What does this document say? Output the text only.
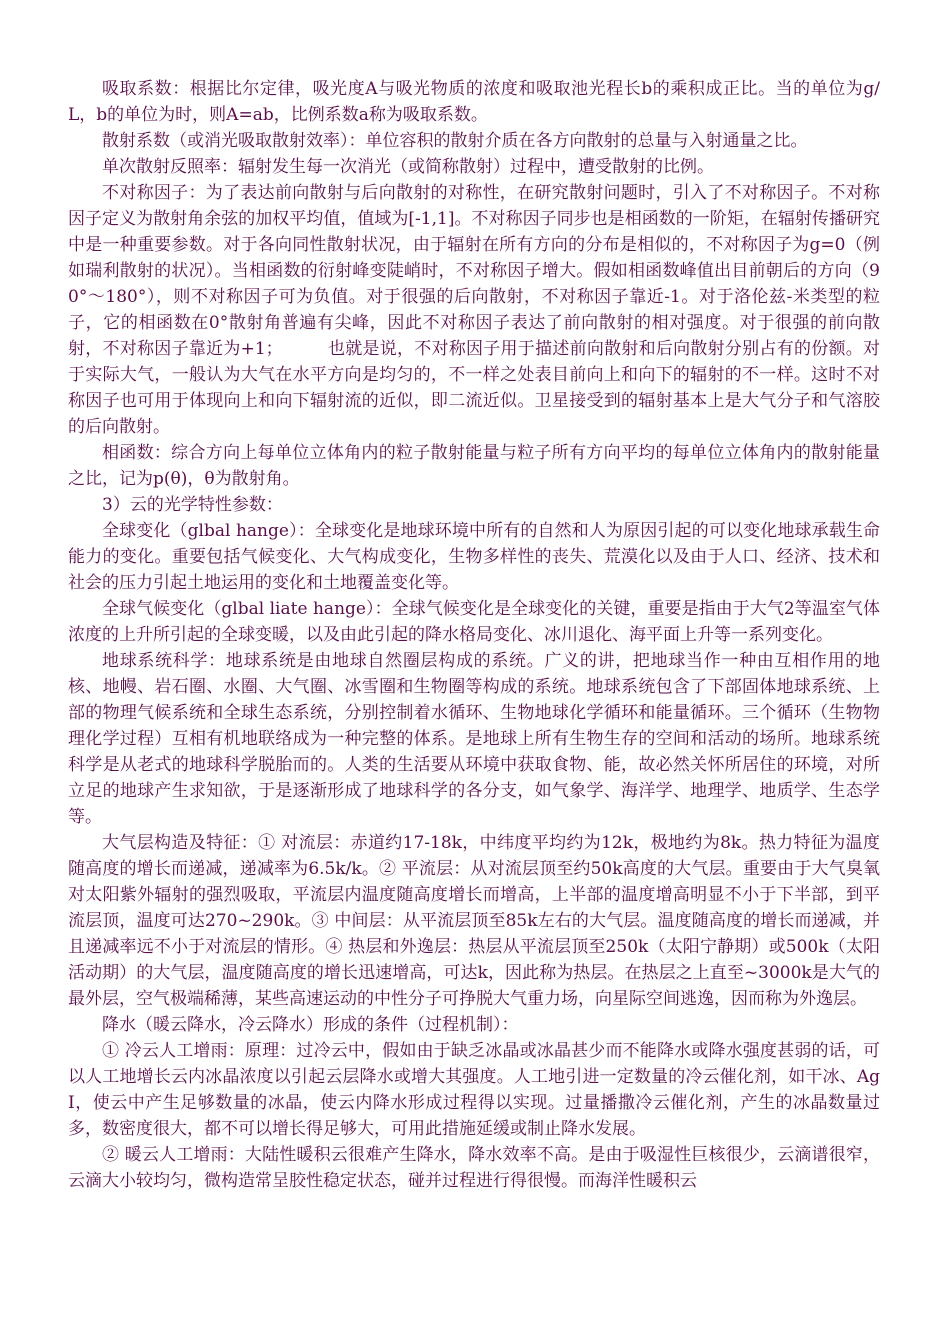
吸取系数：根据比尔定律，吸光度A与吸光物质的浓度和吸取池光程长b的乘积成正比。当的单位为g/L，b的单位为时，则A=ab，比例系数a称为吸取系数。

散射系数（或消光吸取散射效率）：单位容积的散射介质在各方向散射的总量与入射通量之比。

单次散射反照率：辐射发生每一次消光（或简称散射）过程中，遭受散射的比例。

不对称因子：为了表达前向散射与后向散射的对称性，在研究散射问题时，引入了不对称因子。不对称因子定义为散射角余弦的加权平均值，值域为[-1,1]。不对称因子同步也是相函数的一阶矩，在辐射传播研究中是一种重要参数。对于各向同性散射状况，由于辐射在所有方向的分布是相似的，不对称因子为g=0（例如瑞利散射的状况）。当相函数的衍射峰变陡峭时，不对称因子增大。假如相函数峰值出目前朝后的方向（90°～180°），则不对称因子可为负值。对于很强的后向散射，不对称因子靠近-1。对于洛伦兹-米类型的粒子，它的相函数在0°散射角普遍有尖峰，因此不对称因子表达了前向散射的相对强度。对于很强的前向散射，不对称因子靠近为+1；        也就是说，不对称因子用于描述前向散射和后向散射分别占有的份额。对于实际大气，一般认为大气在水平方向是均匀的，不一样之处表目前向上和向下的辐射的不一样。这时不对称因子也可用于体现向上和向下辐射流的近似，即二流近似。卫星接受到的辐射基本上是大气分子和气溶胶的后向散射。

相函数：综合方向上每单位立体角内的粒子散射能量与粒子所有方向平均的每单位立体角内的散射能量之比，记为p(θ)，θ为散射角。

3）云的光学特性参数：

全球变化（glbal hange）：全球变化是地球环境中所有的自然和人为原因引起的可以变化地球承载生命能力的变化。重要包括气候变化、大气构成变化，生物多样性的丧失、荒漠化以及由于人口、经济、技术和社会的压力引起土地运用的变化和土地覆盖变化等。

全球气候变化（glbal liate hange）：全球气候变化是全球变化的关键，重要是指由于大气2等温室气体浓度的上升所引起的全球变暖，以及由此引起的降水格局变化、冰川退化、海平面上升等一系列变化。

地球系统科学：地球系统是由地球自然圈层构成的系统。广义的讲，把地球当作一种由互相作用的地核、地幔、岩石圈、水圈、大气圈、冰雪圈和生物圈等构成的系统。地球系统包含了下部固体地球系统、上部的物理气候系统和全球生态系统，分别控制着水循环、生物地球化学循环和能量循环。三个循环（生物物理化学过程）互相有机地联络成为一种完整的体系。是地球上所有生物生存的空间和活动的场所。地球系统科学是从老式的地球科学脱胎而的。人类的生活要从环境中获取食物、能，故必然关怀所居住的环境，对所立足的地球产生求知欲，于是逐渐形成了地球科学的各分支，如气象学、海洋学、地理学、地质学、生态学等。

大气层构造及特征：① 对流层：赤道约17-18k，中纬度平均约为12k，极地约为8k。热力特征为温度随高度的增长而递减，递减率为6.5k/k。② 平流层：从对流层顶至约50k高度的大气层。重要由于大气臭氧对太阳紫外辐射的强烈吸取，平流层内温度随高度增长而增高，上半部的温度增高明显不小于下半部，到平流层顶，温度可达270~290k。③ 中间层：从平流层顶至85k左右的大气层。温度随高度的增长而递减，并且递减率远不小于对流层的情形。④ 热层和外逸层：热层从平流层顶至250k（太阳宁静期）或500k（太阳活动期）的大气层，温度随高度的增长迅速增高，可达k，因此称为热层。在热层之上直至~3000k是大气的最外层，空气极端稀薄，某些高速运动的中性分子可挣脱大气重力场，向星际空间逃逸，因而称为外逸层。

降水（暖云降水，冷云降水）形成的条件（过程机制）：

① 冷云人工增雨：原理：过冷云中，假如由于缺乏冰晶或冰晶甚少而不能降水或降水强度甚弱的话，可以人工地增长云内冰晶浓度以引起云层降水或增大其强度。人工地引进一定数量的冷云催化剂，如干冰、AgI，使云中产生足够数量的冰晶，使云内降水形成过程得以实现。过量播撒冷云催化剂，产生的冰晶数量过多，数密度很大，都不可以增长得足够大，可用此措施延缓或制止降水发展。

② 暖云人工增雨：大陆性暖积云很难产生降水，降水效率不高。是由于吸湿性巨核很少，云滴谱很窄，云滴大小较均匀，微构造常呈胶性稳定状态，碰并过程进行得很慢。而海洋性暖积云
